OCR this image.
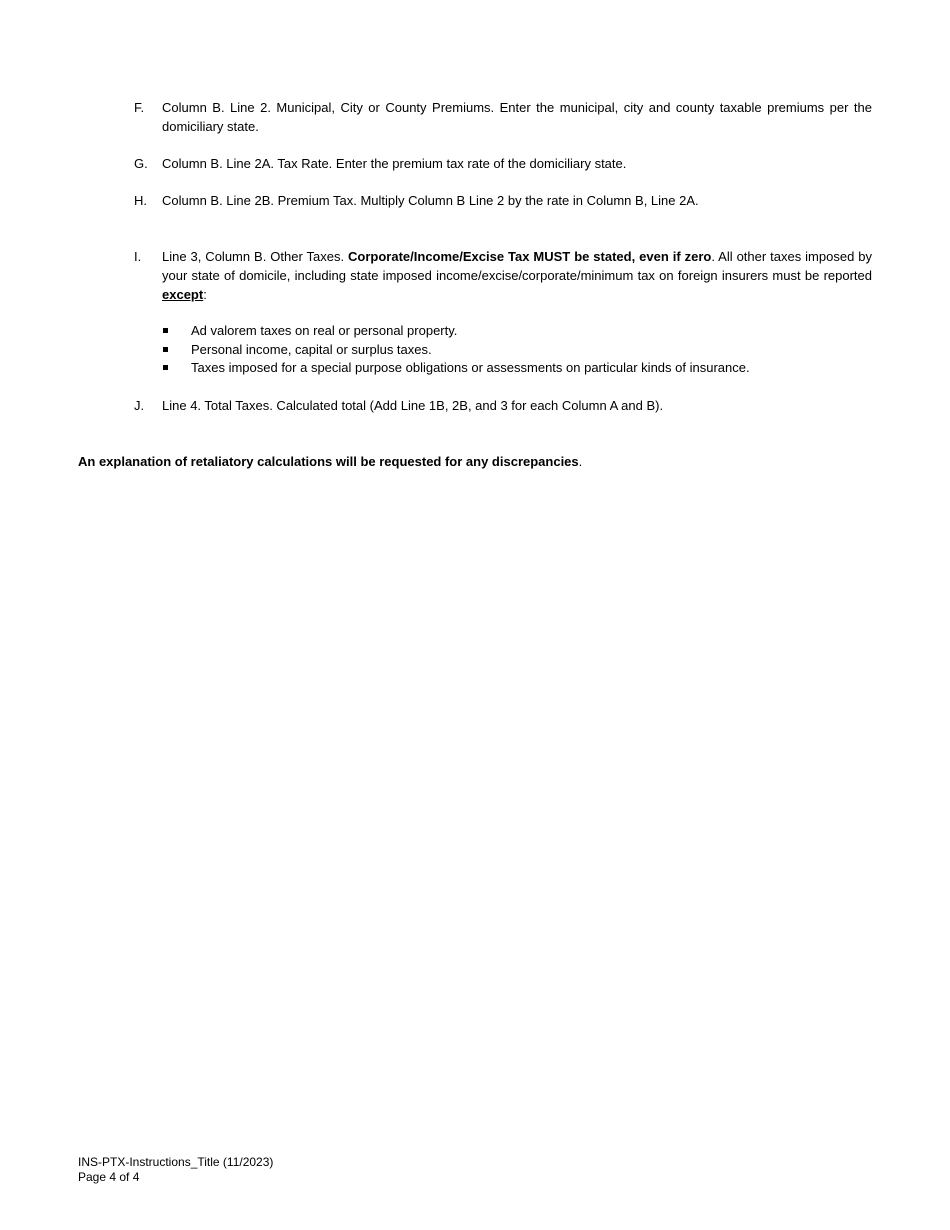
F.	Column B. Line 2. Municipal, City or County Premiums. Enter the municipal, city and county taxable premiums per the domiciliary state.
G.	Column B. Line 2A. Tax Rate. Enter the premium tax rate of the domiciliary state.
H.	Column B. Line 2B. Premium Tax. Multiply Column B Line 2 by the rate in Column B, Line 2A.
I.	Line 3, Column B. Other Taxes. Corporate/Income/Excise Tax MUST be stated, even if zero. All other taxes imposed by your state of domicile, including state imposed income/excise/corporate/minimum tax on foreign insurers must be reported except:
Ad valorem taxes on real or personal property.
Personal income, capital or surplus taxes.
Taxes imposed for a special purpose obligations or assessments on particular kinds of insurance.
J.	Line 4. Total Taxes. Calculated total (Add Line 1B, 2B, and 3 for each Column A and B).
An explanation of retaliatory calculations will be requested for any discrepancies.
INS-PTX-Instructions_Title (11/2023)
Page 4 of 4
